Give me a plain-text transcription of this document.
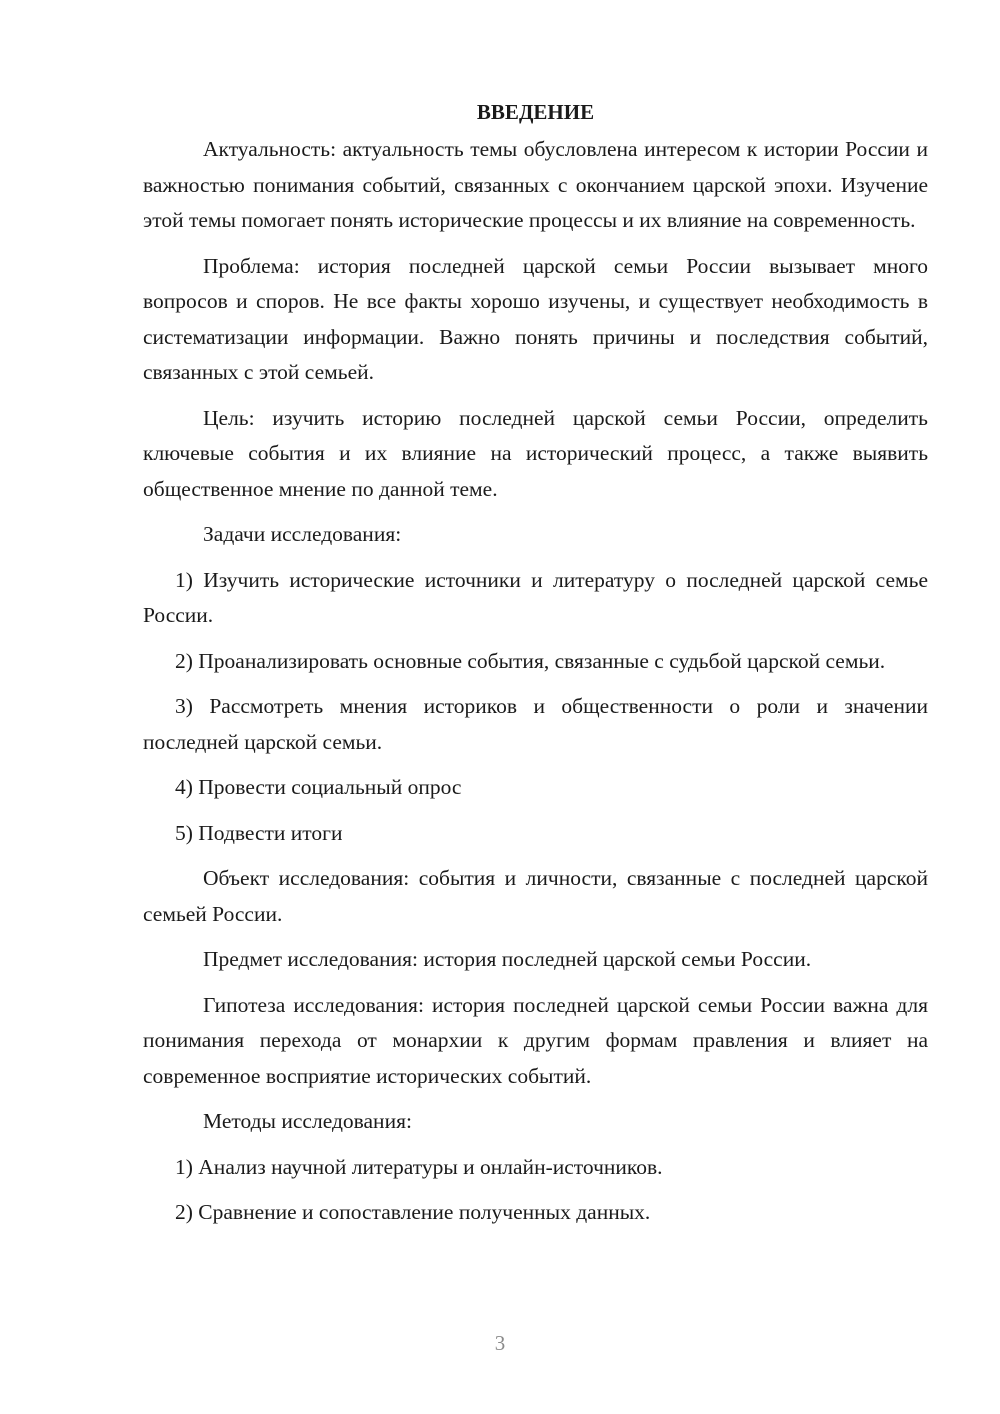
ВВЕДЕНИЕ

Актуальность: актуальность темы обусловлена интересом к истории России и важностью понимания событий, связанных с окончанием царской эпохи. Изучение этой темы помогает понять исторические процессы и их влияние на современность.

Проблема: история последней царской семьи России вызывает много вопросов и споров. Не все факты хорошо изучены, и существует необходимость в систематизации информации. Важно понять причины и последствия событий, связанных с этой семьей.

Цель: изучить историю последней царской семьи России, определить ключевые события и их влияние на исторический процесс, а также выявить общественное мнение по данной теме.

Задачи исследования:

1) Изучить исторические источники и литературу о последней царской семье России.

2) Проанализировать основные события, связанные с судьбой царской семьи.

3) Рассмотреть мнения историков и общественности о роли и значении последней царской семьи.

4) Провести социальный опрос

5) Подвести итоги

Объект исследования: события и личности, связанные с последней царской семьей России.

Предмет исследования: история последней царской семьи России.

Гипотеза исследования: история последней царской семьи России важна для понимания перехода от монархии к другим формам правления и влияет на современное восприятие исторических событий.

Методы исследования:

1) Анализ научной литературы и онлайн-источников.

2) Сравнение и сопоставление полученных данных.

3
